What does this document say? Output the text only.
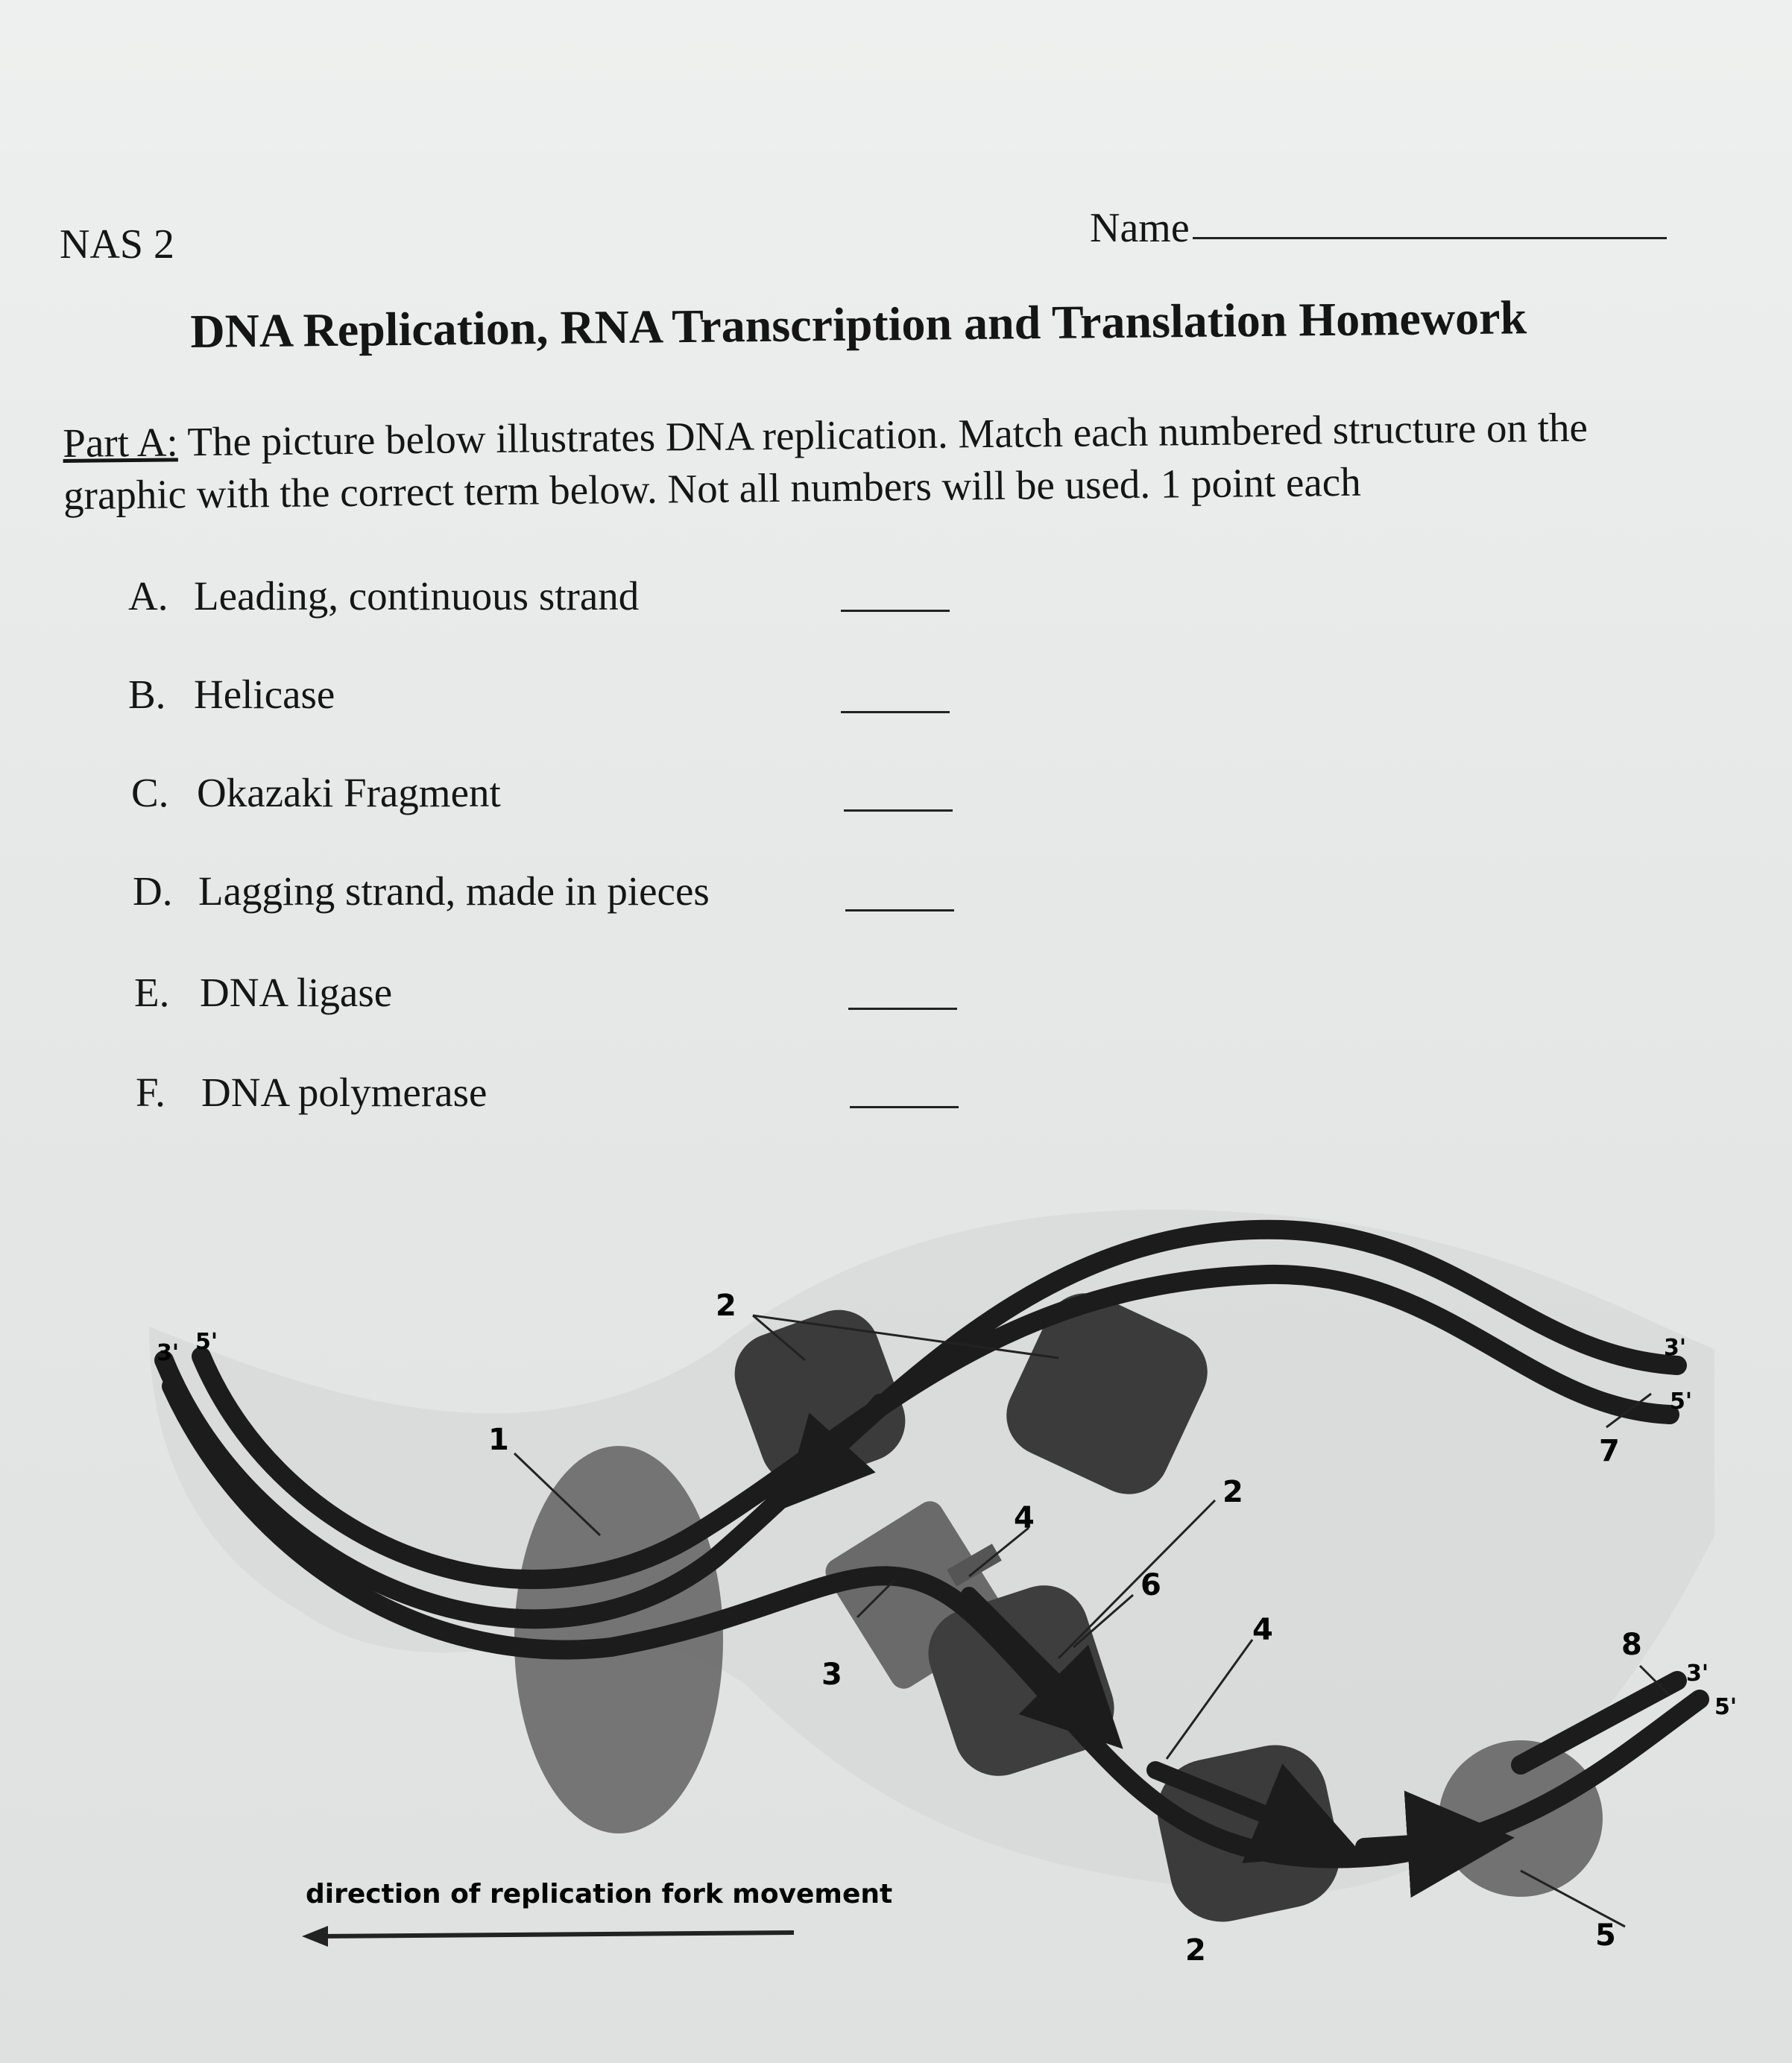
NAS 2	Name
DNA Replication, RNA Transcription and Translation Homework
Part A: The picture below illustrates DNA replication. Match each numbered structure on the
graphic with the correct term below. Not all numbers will be used. 1 point each
A. Leading, continuous strand
B. Helicase
C. Okazaki Fragment
D. Lagging strand, made in pieces
E. DNA ligase
F. DNA polymerase
3' 5'	3'
5'
3'
5'
1
2
2
2
3
4
4
5
6
7
8
direction of replication fork movement
